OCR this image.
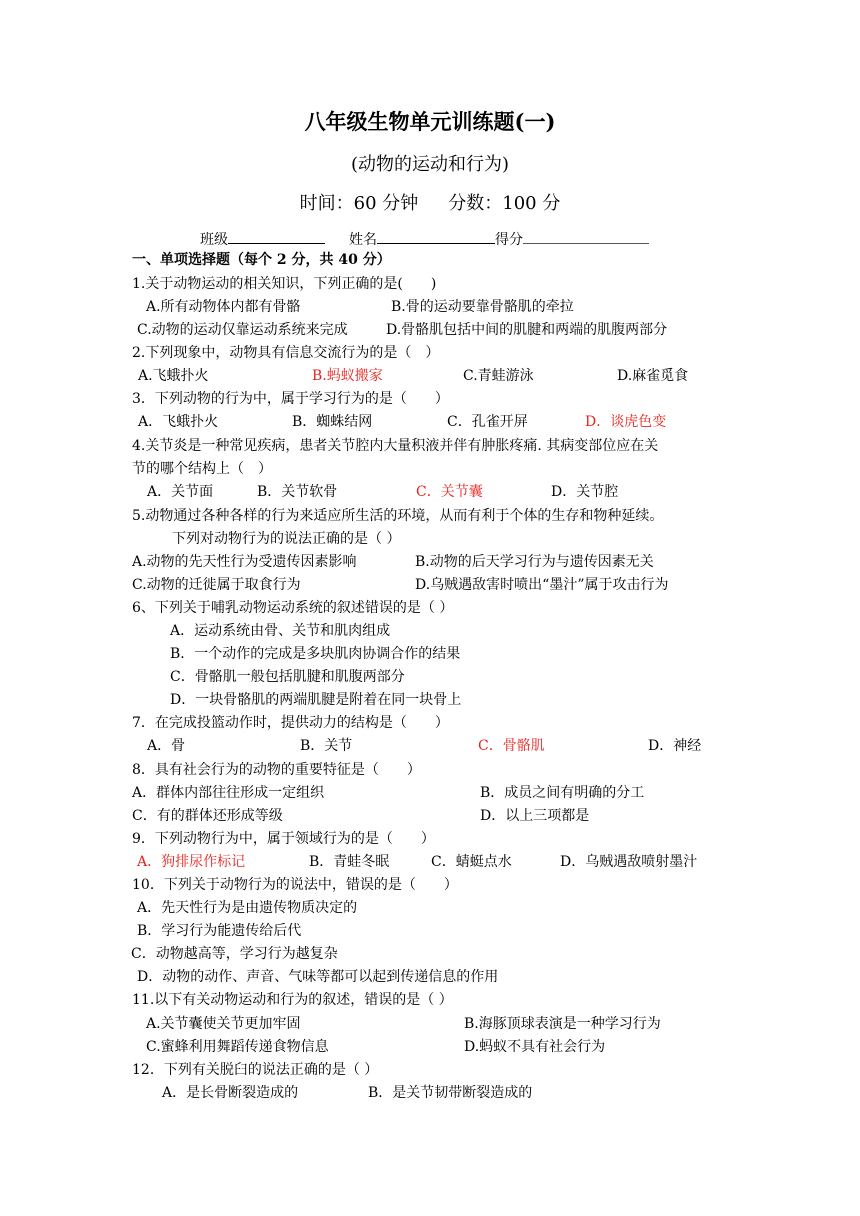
八年级生物单元训练题(一)
(动物的运动和行为)
时间：60 分钟 分数：100 分
班级	姓名	得分
一、单项选择题（每个 2 分，共 40 分）
1.关于动物运动的相关知识，下列正确的是(　　)
A.所有动物体内都有骨骼	B.骨的运动要靠骨骼肌的牵拉
C.动物的运动仅靠运动系统来完成	D.骨骼肌包括中间的肌腱和两端的肌腹两部分
2.下列现象中，动物具有信息交流行为的是（　）
A.飞蛾扑火	B.蚂蚁搬家	C.青蛙游泳	D.麻雀觅食
3．下列动物的行为中，属于学习行为的是（　　）
A．飞蛾扑火	B．蜘蛛结网	C．孔雀开屏	D．谈虎色变
4.关节炎是一种常见疾病，患者关节腔内大量积液并伴有肿胀疼痛. 其病变部位应在关
节的哪个结构上（　）
A．关节面	B．关节软骨	C．关节囊	D．关节腔
5.动物通过各种各样的行为来适应所生活的环境，从而有利于个体的生存和物种延续。
下列对动物行为的说法正确的是（ ）
A.动物的先天性行为受遗传因素影响	B.动物的后天学习行为与遗传因素无关
C.动物的迁徙属于取食行为	D.乌贼遇敌害时喷出“墨汁”属于攻击行为
6、下列关于哺乳动物运动系统的叙述错误的是（ ）
A．运动系统由骨、关节和肌肉组成
B．一个动作的完成是多块肌肉协调合作的结果
C．骨骼肌一般包括肌腱和肌腹两部分
D．一块骨骼肌的两端肌腱是附着在同一块骨上
7．在完成投篮动作时，提供动力的结构是（　　）
A．骨	B．关节	C．骨骼肌	D．神经
8．具有社会行为的动物的重要特征是（　　）
A．群体内部往往形成一定组织	B．成员之间有明确的分工
C．有的群体还形成等级	D．以上三项都是
9．下列动物行为中，属于领域行为的是（　　）
A．狗排尿作标记	B．青蛙冬眠	C．蜻蜓点水	D．乌贼遇敌喷射墨汁
10．下列关于动物行为的说法中，错误的是（　　）
A．先天性行为是由遗传物质决定的
B．学习行为能遗传给后代
C．动物越高等，学习行为越复杂
D．动物的动作、声音、气味等都可以起到传递信息的作用
11.以下有关动物运动和行为的叙述，错误的是（ ）
A.关节囊使关节更加牢固	B.海豚顶球表演是一种学习行为
C.蜜蜂利用舞蹈传递食物信息	D.蚂蚁不具有社会行为
12．下列有关脱臼的说法正确的是（ ）
A．是长骨断裂造成的	B．是关节韧带断裂造成的
